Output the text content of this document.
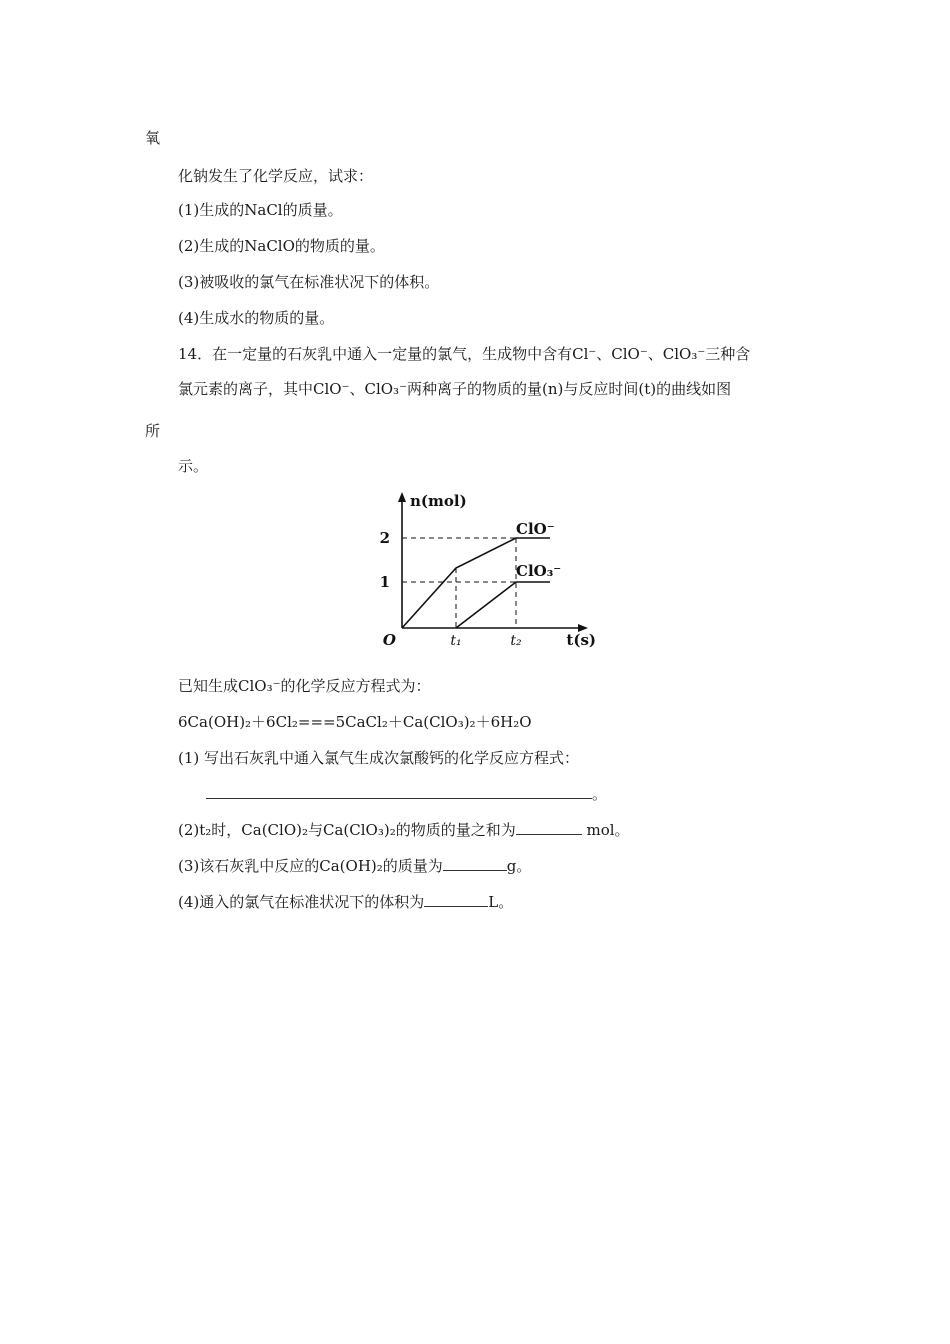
氧
化钠发生了化学反应，试求：
(1)生成的NaCl的质量。
(2)生成的NaClO的物质的量。
(3)被吸收的氯气在标准状况下的体积。
(4)生成水的物质的量。
14．在一定量的石灰乳中通入一定量的氯气，生成物中含有Cl⁻、ClO⁻、ClO₃⁻三种含
氯元素的离子，其中ClO⁻、ClO₃⁻两种离子的物质的量(n)与反应时间(t)的曲线如图
所
示。
n(mol)
2
1
O	t₁	t₂	t(s)
ClO⁻
ClO₃⁻
已知生成ClO₃⁻的化学反应方程式为：
6Ca(OH)₂＋6Cl₂===5CaCl₂＋Ca(ClO₃)₂＋6H₂O
(1) 写出石灰乳中通入氯气生成次氯酸钙的化学反应方程式：
。
(2)t₂时，Ca(ClO)₂与Ca(ClO₃)₂的物质的量之和为	mol。
(3)该石灰乳中反应的Ca(OH)₂的质量为	g。
(4)通入的氯气在标准状况下的体积为	L。
